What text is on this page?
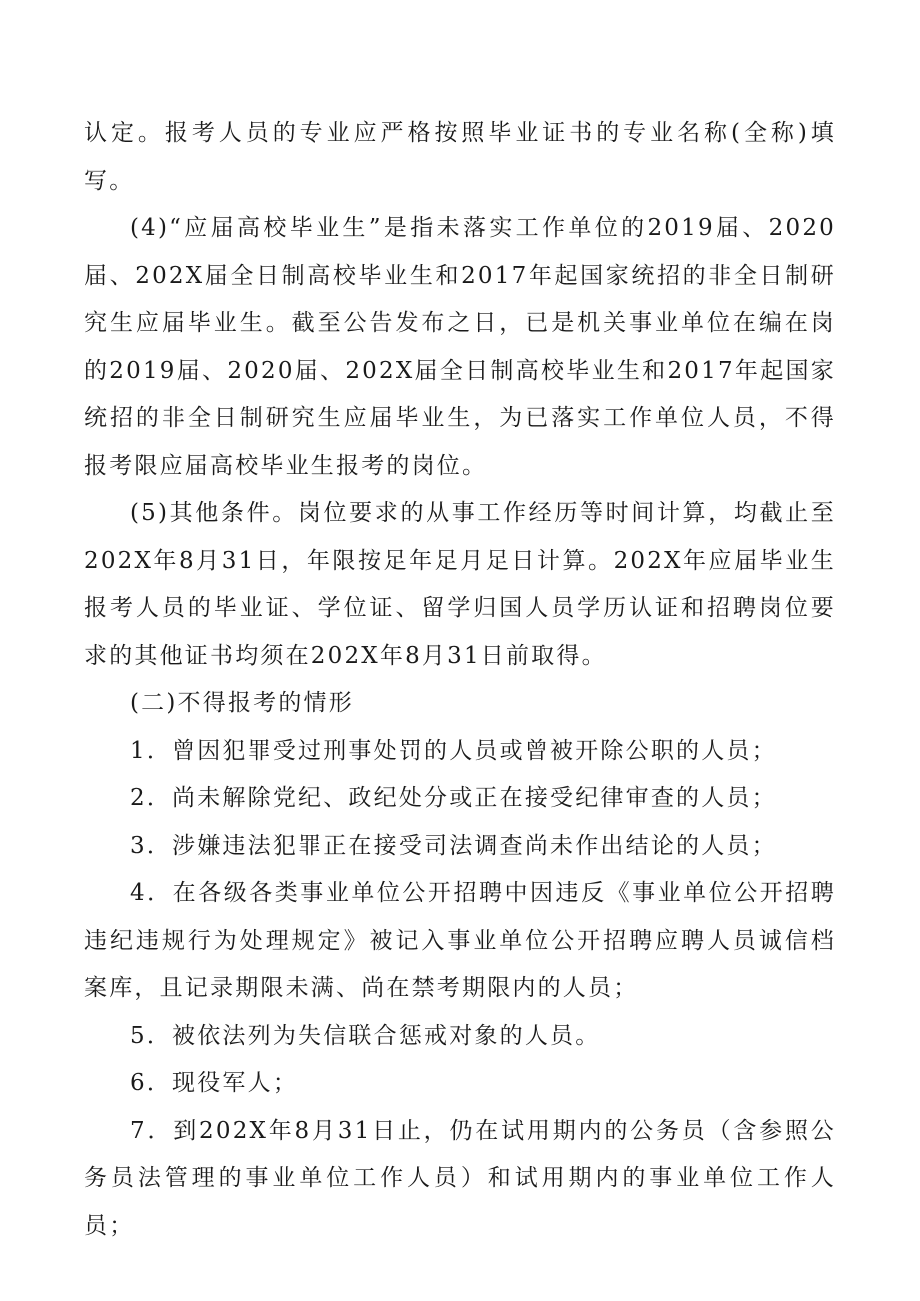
认定。报考人员的专业应严格按照毕业证书的专业名称(全称)填写。

(4)“应届高校毕业生”是指未落实工作单位的2019届、2020届、202X届全日制高校毕业生和2017年起国家统招的非全日制研究生应届毕业生。截至公告发布之日，已是机关事业单位在编在岗的2019届、2020届、202X届全日制高校毕业生和2017年起国家统招的非全日制研究生应届毕业生，为已落实工作单位人员，不得报考限应届高校毕业生报考的岗位。

(5)其他条件。岗位要求的从事工作经历等时间计算，均截止至202X年8月31日，年限按足年足月足日计算。202X年应届毕业生报考人员的毕业证、学位证、留学归国人员学历认证和招聘岗位要求的其他证书均须在202X年8月31日前取得。

(二)不得报考的情形

1．曾因犯罪受过刑事处罚的人员或曾被开除公职的人员；

2．尚未解除党纪、政纪处分或正在接受纪律审查的人员；

3．涉嫌违法犯罪正在接受司法调查尚未作出结论的人员；

4．在各级各类事业单位公开招聘中因违反《事业单位公开招聘违纪违规行为处理规定》被记入事业单位公开招聘应聘人员诚信档案库，且记录期限未满、尚在禁考期限内的人员；

5．被依法列为失信联合惩戒对象的人员。

6．现役军人；

7．到202X年8月31日止，仍在试用期内的公务员（含参照公务员法管理的事业单位工作人员）和试用期内的事业单位工作人员；
